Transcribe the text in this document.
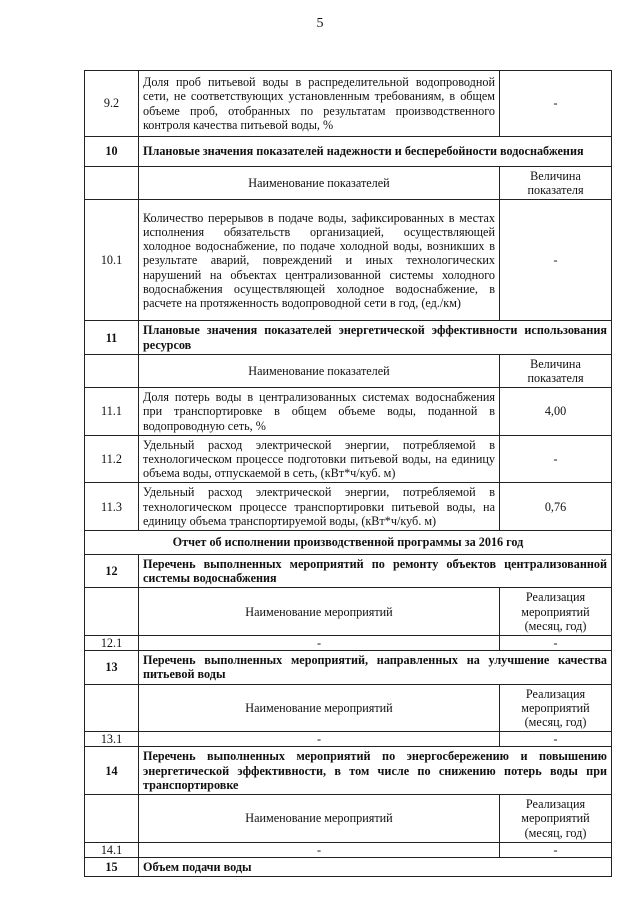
5
9.2	Доля проб питьевой воды в распределительной водопроводной сети, не соответствующих установленным требованиям, в общем объеме проб, отобранных по результатам производственного контроля качества питьевой воды, %	-
10	Плановые значения показателей надежности и бесперебойности водоснабжения	
	Наименование показателей	Величина показателя
10.1	Количество перерывов в подаче воды, зафиксированных в местах исполнения обязательств организацией, осуществляющей холодное водоснабжение, по подаче холодной воды, возникших в результате аварий, повреждений и иных технологических нарушений на объектах централизованной системы холодного водоснабжения осуществляющей холодное водоснабжение, в расчете на протяженность водопроводной сети в год, (ед./км)	-
11	Плановые значения показателей энергетической эффективности использования ресурсов	
	Наименование показателей	Величина показателя
11.1	Доля потерь воды в централизованных системах водоснабжения при транспортировке в общем объеме воды, поданной в водопроводную сеть, %	4,00
11.2	Удельный расход электрической энергии, потребляемой в технологическом процессе подготовки питьевой воды, на единицу объема воды, отпускаемой в сеть, (кВт*ч/куб. м)	-
11.3	Удельный расход электрической энергии, потребляемой в технологическом процессе транспортировки питьевой воды, на единицу объема транспортируемой воды, (кВт*ч/куб. м)	0,76
Отчет об исполнении производственной программы за 2016 год		
12	Перечень выполненных мероприятий по ремонту объектов централизованной системы водоснабжения	
	Наименование мероприятий	Реализация мероприятий (месяц, год)
12.1	-	-
13	Перечень выполненных мероприятий, направленных на улучшение качества питьевой воды	
	Наименование мероприятий	Реализация мероприятий (месяц, год)
13.1	-	-
14	Перечень выполненных мероприятий по энергосбережению и повышению энергетической эффективности, в том числе по снижению потерь воды при транспортировке	
	Наименование мероприятий	Реализация мероприятий (месяц, год)
14.1	-	-
15	Объем подачи воды	
